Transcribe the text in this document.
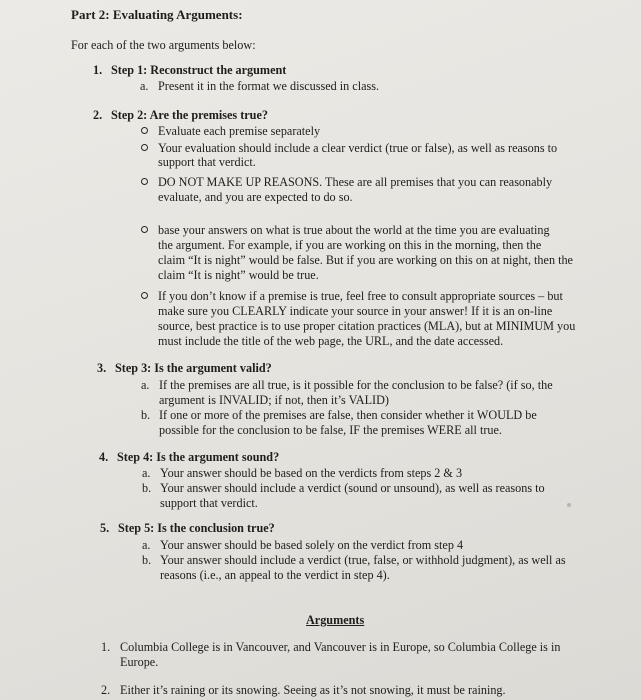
Part 2: Evaluating Arguments:
For each of the two arguments below:
1. Step 1: Reconstruct the argument
a. Present it in the format we discussed in class.
2. Step 2: Are the premises true?
Evaluate each premise separately
Your evaluation should include a clear verdict (true or false), as well as reasons to
support that verdict.
DO NOT MAKE UP REASONS. These are all premises that you can reasonably
evaluate, and you are expected to do so.
base your answers on what is true about the world at the time you are evaluating
the argument. For example, if you are working on this in the morning, then the
claim “It is night” would be false. But if you are working on this on at night, then the
claim “It is night” would be true.
If you don’t know if a premise is true, feel free to consult appropriate sources – but
make sure you CLEARLY indicate your source in your answer! If it is an on-line
source, best practice is to use proper citation practices (MLA), but at MINIMUM you
must include the title of the web page, the URL, and the date accessed.
3. Step 3: Is the argument valid?
a. If the premises are all true, is it possible for the conclusion to be false? (if so, the
argument is INVALID; if not, then it’s VALID)
b. If one or more of the premises are false, then consider whether it WOULD be
possible for the conclusion to be false, IF the premises WERE all true.
4. Step 4: Is the argument sound?
a. Your answer should be based on the verdicts from steps 2 & 3
b. Your answer should include a verdict (sound or unsound), as well as reasons to
support that verdict.
5. Step 5: Is the conclusion true?
a. Your answer should be based solely on the verdict from step 4
b. Your answer should include a verdict (true, false, or withhold judgment), as well as
reasons (i.e., an appeal to the verdict in step 4).
Arguments
1. Columbia College is in Vancouver, and Vancouver is in Europe, so Columbia College is in
Europe.
2. Either it’s raining or its snowing. Seeing as it’s not snowing, it must be raining.
